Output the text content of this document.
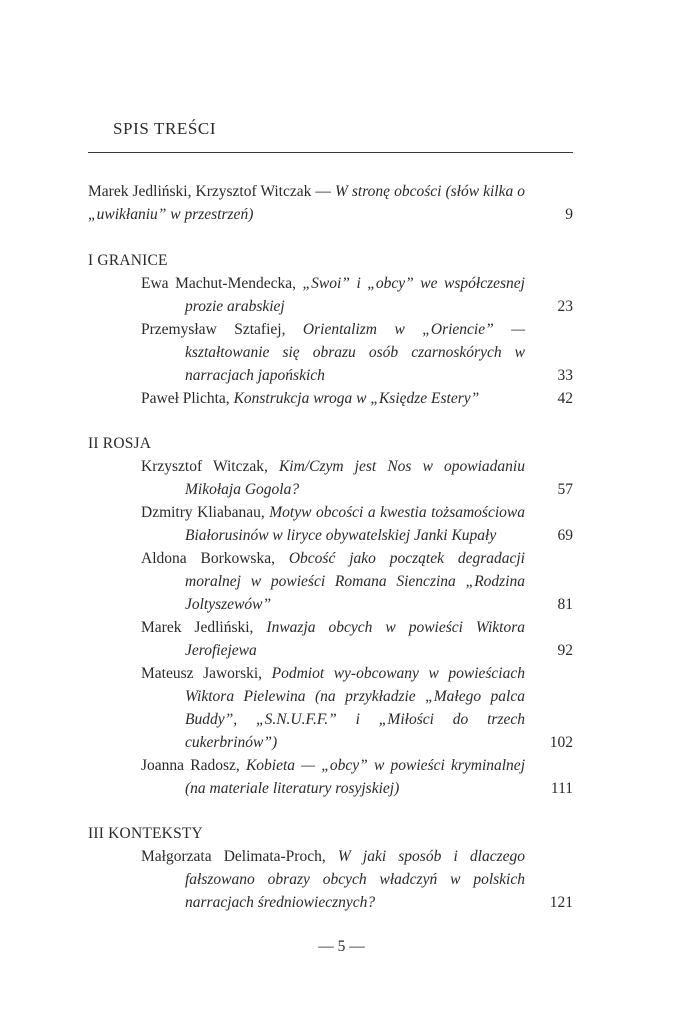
SPIS TREŚCI
Marek Jedliński, Krzysztof Witczak — W stronę obcości (słów kilka o „uwikłaniu” w przestrzeń)	9
I GRANICE
Ewa Machut-Mendecka, „Swoi” i „obcy” we współczesnej prozie arabskiej	23
Przemysław Sztafiej, Orientalizm w „Oriencie” — kształtowanie się obrazu osób czarnoskórych w narracjach japońskich	33
Paweł Plichta, Konstrukcja wroga w „Księdze Estery”	42
II ROSJA
Krzysztof Witczak, Kim/Czym jest Nos w opowiadaniu Mikołaja Gogola?	57
Dzmitry Kliabanau, Motyw obcości a kwestia tożsamościowa Białorusinów w liryce obywatelskiej Janki Kupały	69
Aldona Borkowska, Obcość jako początek degradacji moralnej w powieści Romana Sienczina „Rodzina Joltyszewów”	81
Marek Jedliński, Inwazja obcych w powieści Wiktora Jerofiejewa	92
Mateusz Jaworski, Podmiot wy-obcowany w powieściach Wiktora Pielewina (na przykładzie „Małego palca Buddy”, „S.N.U.F.F.” i „Miłości do trzech cukerbrinów”)	102
Joanna Radosz, Kobieta — „obcy” w powieści kryminalnej (na materiale literatury rosyjskiej)	111
III KONTEKSTY
Małgorzata Delimata-Proch, W jaki sposób i dlaczego fałszowano obrazy obcych władczyń w polskich narracjach średniowiecznych?	121
— 5 —
